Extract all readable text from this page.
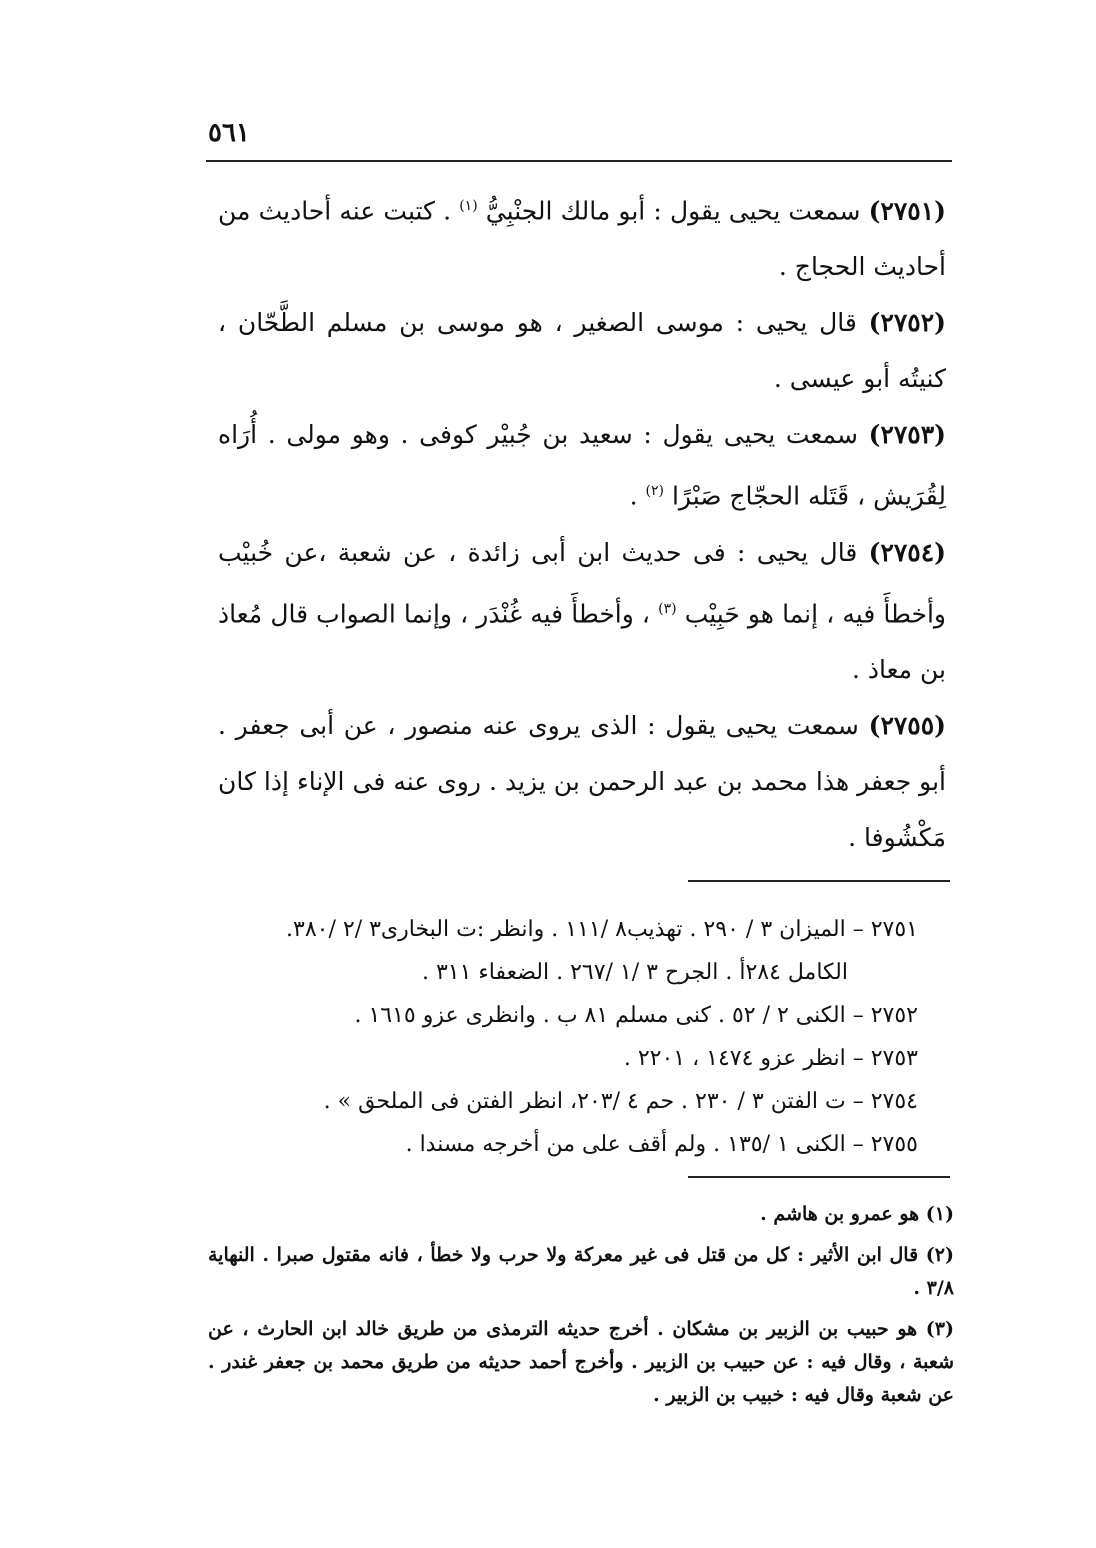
٥٦١

(٢٧٥١) سمعت يحيى يقول : أبو مالك الجنْبِيُّ $^{(١)}$ . كتبت عنه أحاديث من أحاديث الحجاج .

(٢٧٥٢) قال يحيى : موسى الصغير ، هو موسى بن مسلم الطَّحّان ، كنيتُه أبو عيسى .

(٢٧٥٣) سمعت يحيى يقول : سعيد بن جُبيْر كوفى . وهو مولى . أُرَاه لِقُرَيش ، قَتَله الحجّاج صَبْرًا $^{(٢)}$ .

(٢٧٥٤) قال يحيى : فى حديث ابن أبى زائدة ، عن شعبة ،عن خُبيْب وأخطأَ فيه ، إنما هو حَبِيْب $^{(٣)}$ ، وأخطأَ فيه غُنْدَر ، وإنما الصواب قال مُعاذ بن معاذ .

(٢٧٥٥) سمعت يحيى يقول : الذى يروى عنه منصور ، عن أبى جعفر . أبو جعفر هذا محمد بن عبد الرحمن بن يزيد . روى عنه فى الإناء إذا كان مَكْشُوفا .

٢٧٥١ – الميزان ٣ / ٢٩٠ . تهذيب٨ /١١١ . وانظر :ت البخارى٣ /٢ /٣٨٠.
الكامل ٢٨٤أ . الجرح ٣ /١ /٢٦٧ . الضعفاء ٣١١ .
٢٧٥٢ – الكنى ٢ / ٥٢ . كنى مسلم ٨١ ب . وانظرى عزو ١٦١٥ .
٢٧٥٣ – انظر عزو ١٤٧٤ ، ٢٢٠١ .
٢٧٥٤ – ت الفتن ٣ / ٢٣٠ . حم ٤ /٢٠٣، انظر الفتن فى الملحق » .
٢٧٥٥ – الكنى ١ /١٣٥ . ولم أقف على من أخرجه مسندا .
(١) هو عمرو بن هاشم .
(٢) قال ابن الأثير : كل من قتل فى غير معركة ولا حرب ولا خطأ ، فانه مقتول صبرا . النهاية ٣/٨ .
(٣) هو حبيب بن الزبير بن مشكان . أخرج حديثه الترمذى من طريق خالد ابن الحارث ، عن شعبة ، وقال فيه : عن حبيب بن الزبير . وأخرج أحمد حديثه من طريق محمد بن جعفر غندر . عن شعبة وقال فيه : خبيب بن الزبير .
